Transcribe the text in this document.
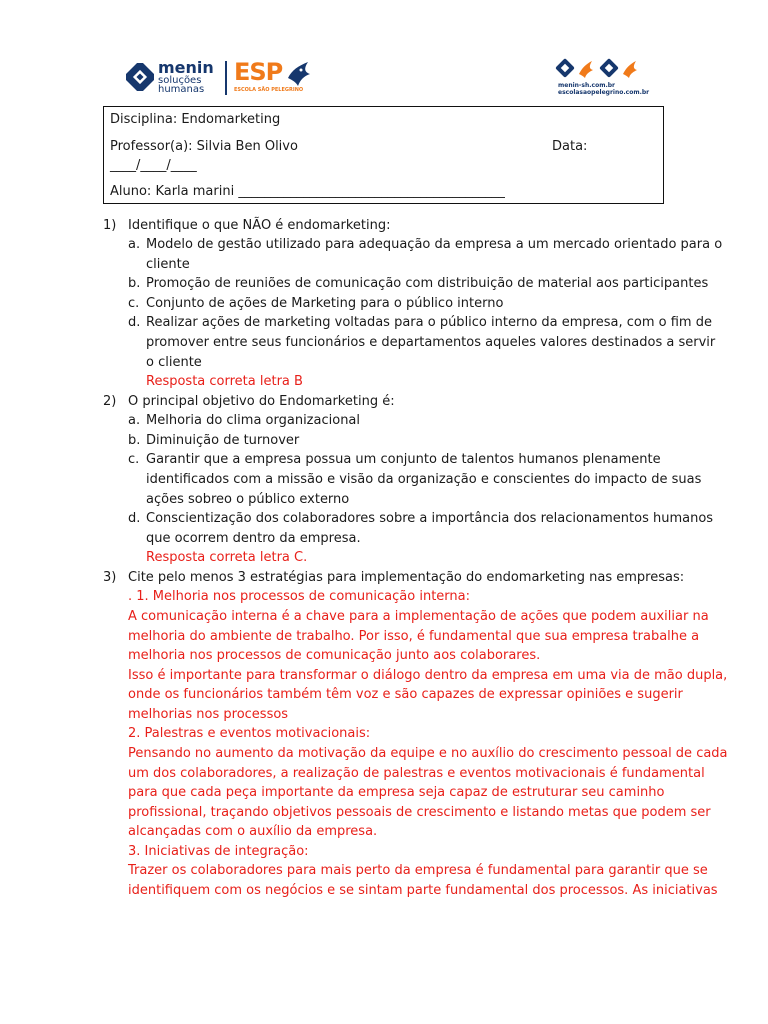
menin
soluções
humanas
ESP
ESCOLA SÃO PELEGRINO
menin-sh.com.br
escolasaopelegrino.com.br
Disciplina: Endomarketing
Professor(a): Silvia Ben Olivo	Data:
____/____/____
Aluno: Karla marini _________________________________________
1) Identifique o que NÃO é endomarketing:
a. Modelo de gestão utilizado para adequação da empresa a um mercado orientado para o
cliente
b. Promoção de reuniões de comunicação com distribuição de material aos participantes
c. Conjunto de ações de Marketing para o público interno
d. Realizar ações de marketing voltadas para o público interno da empresa, com o fim de
promover entre seus funcionários e departamentos aqueles valores destinados a servir
o cliente
Resposta correta letra B
2) O principal objetivo do Endomarketing é:
a. Melhoria do clima organizacional
b. Diminuição de turnover
c. Garantir que a empresa possua um conjunto de talentos humanos plenamente
identificados com a missão e visão da organização e conscientes do impacto de suas
ações sobreo o público externo
d. Conscientização dos colaboradores sobre a importância dos relacionamentos humanos
que ocorrem dentro da empresa.
Resposta correta letra C.
3) Cite pelo menos 3 estratégias para implementação do endomarketing nas empresas:
. 1. Melhoria nos processos de comunicação interna:
A comunicação interna é a chave para a implementação de ações que podem auxiliar na
melhoria do ambiente de trabalho. Por isso, é fundamental que sua empresa trabalhe a
melhoria nos processos de comunicação junto aos colaborares.
Isso é importante para transformar o diálogo dentro da empresa em uma via de mão dupla,
onde os funcionários também têm voz e são capazes de expressar opiniões e sugerir
melhorias nos processos
2. Palestras e eventos motivacionais:
Pensando no aumento da motivação da equipe e no auxílio do crescimento pessoal de cada
um dos colaboradores, a realização de palestras e eventos motivacionais é fundamental
para que cada peça importante da empresa seja capaz de estruturar seu caminho
profissional, traçando objetivos pessoais de crescimento e listando metas que podem ser
alcançadas com o auxílio da empresa.
3. Iniciativas de integração:
Trazer os colaboradores para mais perto da empresa é fundamental para garantir que se
identifiquem com os negócios e se sintam parte fundamental dos processos. As iniciativas
